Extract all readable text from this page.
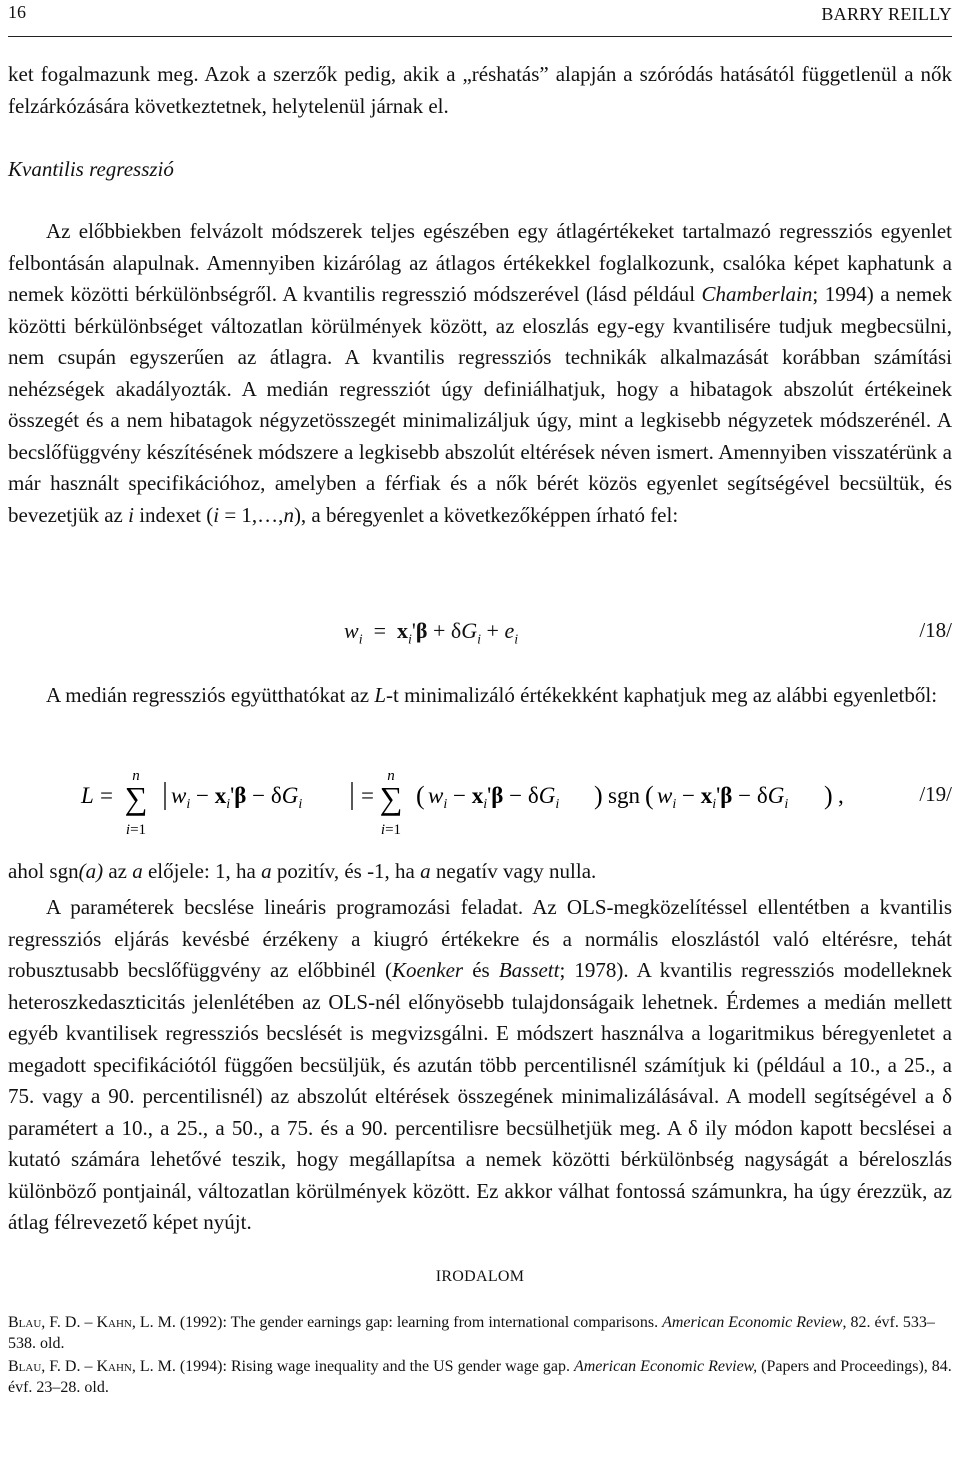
16	BARRY REILLY
ket fogalmazunk meg. Azok a szerzők pedig, akik a „réshatás” alapján a szóródás hatásától függetlenül a nők felzárkózására következtetnek, helytelenül járnak el.
Kvantilis regresszió
Az előbbiekben felvázolt módszerek teljes egészében egy átlagértékeket tartalmazó regressziós egyenlet felbontásán alapulnak. Amennyiben kizárólag az átlagos értékekkel foglalkozunk, csalóka képet kaphatunk a nemek közötti bérkülönbségről. A kvantilis regresszió módszerével (lásd például Chamberlain; 1994) a nemek közötti bérkülönbséget változatlan körülmények között, az eloszlás egy-egy kvantilisére tudjuk megbecsülni, nem csupán egyszerűen az átlagra. A kvantilis regressziós technikák alkalmazását korábban számítási nehézségek akadályozták. A medián regressziót úgy definiálhatjuk, hogy a hibatagok abszolút értékeinek összegét és a nem hibatagok négyzetösszegét minimalizáljuk úgy, mint a legkisebb négyzetek módszerénél. A becslőfüggvény készítésének módszere a legkisebb abszolút eltérések néven ismert. Amennyiben visszatérünk a már használt specifikációhoz, amelyben a férfiak és a nők bérét közös egyenlet segítségével becsültük, és bevezetjük az i indexet (i = 1,…,n), a béregyenlet a következőképpen írható fel:
$w_i = x_i'\beta + \delta G_i + e_i$	/18/
A medián regressziós együtthatókat az L-t minimalizáló értékekként kaphatjuk meg az alábbi egyenletből:
L =
n
∑
i=1
$w_i - x_i'\beta - \delta G_i$	=
n
∑
i=1
( $w_i - x_i'\beta - \delta G_i$ ) sgn ( $w_i - x_i'\beta - \delta G_i$ ) ,	/19/
ahol sgn(a) az a előjele: 1, ha a pozitív, és -1, ha a negatív vagy nulla.
A paraméterek becslése lineáris programozási feladat. Az OLS-megközelítéssel ellentétben a kvantilis regressziós eljárás kevésbé érzékeny a kiugró értékekre és a normális eloszlástól való eltérésre, tehát robusztusabb becslőfüggvény az előbbinél (Koenker és Bassett; 1978). A kvantilis regressziós modelleknek heteroszkedaszticitás jelenlétében az OLS-nél előnyösebb tulajdonságaik lehetnek. Érdemes a medián mellett egyéb kvantilisek regressziós becslését is megvizsgálni. E módszert használva a logaritmikus béregyenletet a megadott specifikációtól függően becsüljük, és azután több percentilisnél számítjuk ki (például a 10., a 25., a 75. vagy a 90. percentilisnél) az abszolút eltérések összegének minimalizálásával. A modell segítségével a δ paramétert a 10., a 25., a 50., a 75. és a 90. percentilisre becsülhetjük meg. A δ ily módon kapott becslései a kutató számára lehetővé teszik, hogy megállapítsa a nemek közötti bérkülönbség nagyságát a béreloszlás különböző pontjainál, változatlan körülmények között. Ez akkor válhat fontossá számunkra, ha úgy érezzük, az átlag félrevezető képet nyújt.
IRODALOM
Blau, F. D. – Kahn, L. M. (1992): The gender earnings gap: learning from international comparisons. American Economic Review, 82. évf. 533–538. old.
Blau, F. D. – Kahn, L. M. (1994): Rising wage inequality and the US gender wage gap. American Economic Review, (Papers and Proceedings), 84. évf. 23–28. old.
